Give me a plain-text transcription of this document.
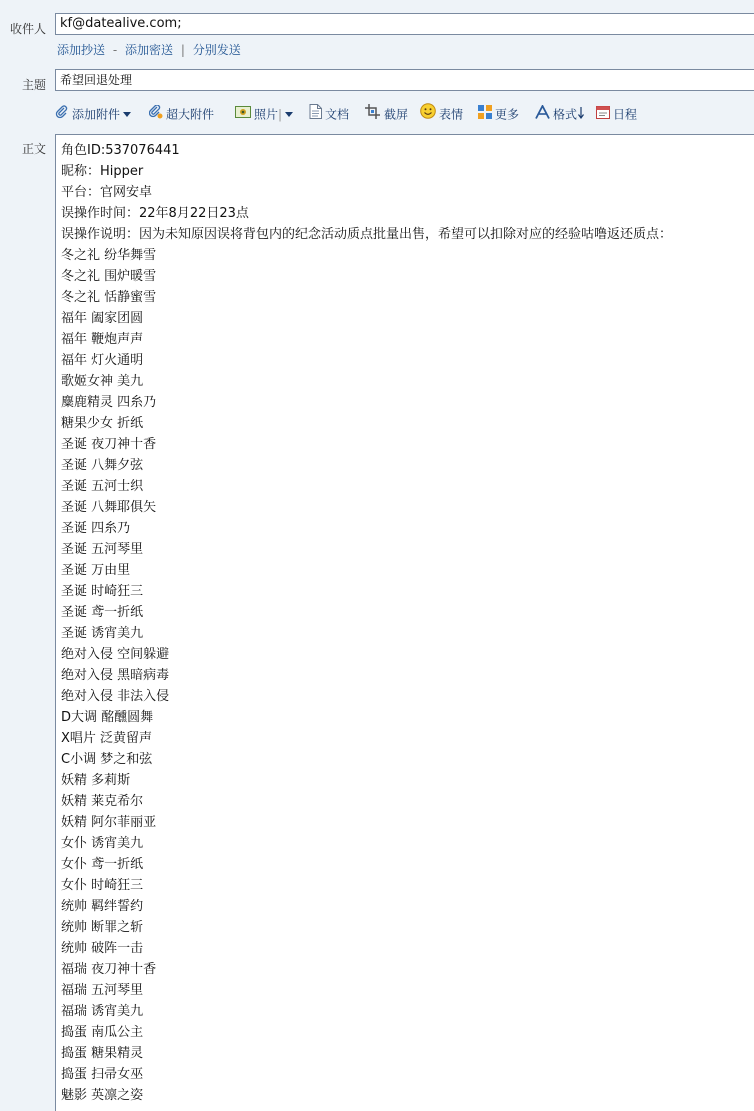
收件人	kf@datealive.com;
添加抄送 - 添加密送 | 分别发送
主题	希望回退处理
添加附件	超大附件	照片|	文档	截屏	表情	更多	格式	日程
正文 角色ID:537076441
昵称：Hipper
平台：官网安卓
误操作时间：22年8月22日23点
误操作说明：因为未知原因误将背包内的纪念活动质点批量出售，希望可以扣除对应的经验咕噜返还质点：
冬之礼 纷华舞雪
冬之礼 围炉暖雪
冬之礼 恬静蜜雪
福年 阖家团圆
福年 鞭炮声声
福年 灯火通明
歌姬女神 美九
麋鹿精灵 四糸乃
糖果少女 折纸
圣诞 夜刀神十香
圣诞 八舞夕弦
圣诞 五河士织
圣诞 八舞耶俱矢
圣诞 四糸乃
圣诞 五河琴里
圣诞 万由里
圣诞 时崎狂三
圣诞 鸢一折纸
圣诞 诱宵美九
绝对入侵 空间躲避
绝对入侵 黑暗病毒
绝对入侵 非法入侵
D大调 酩醺圆舞
X唱片 泛黄留声
C小调 梦之和弦
妖精 多莉斯
妖精 莱克希尔
妖精 阿尔菲丽亚
女仆 诱宵美九
女仆 鸢一折纸
女仆 时崎狂三
统帅 羁绊誓约
统帅 断罪之斩
统帅 破阵一击
福瑞 夜刀神十香
福瑞 五河琴里
福瑞 诱宵美九
捣蛋 南瓜公主
捣蛋 糖果精灵
捣蛋 扫帚女巫
魅影 英凛之姿
